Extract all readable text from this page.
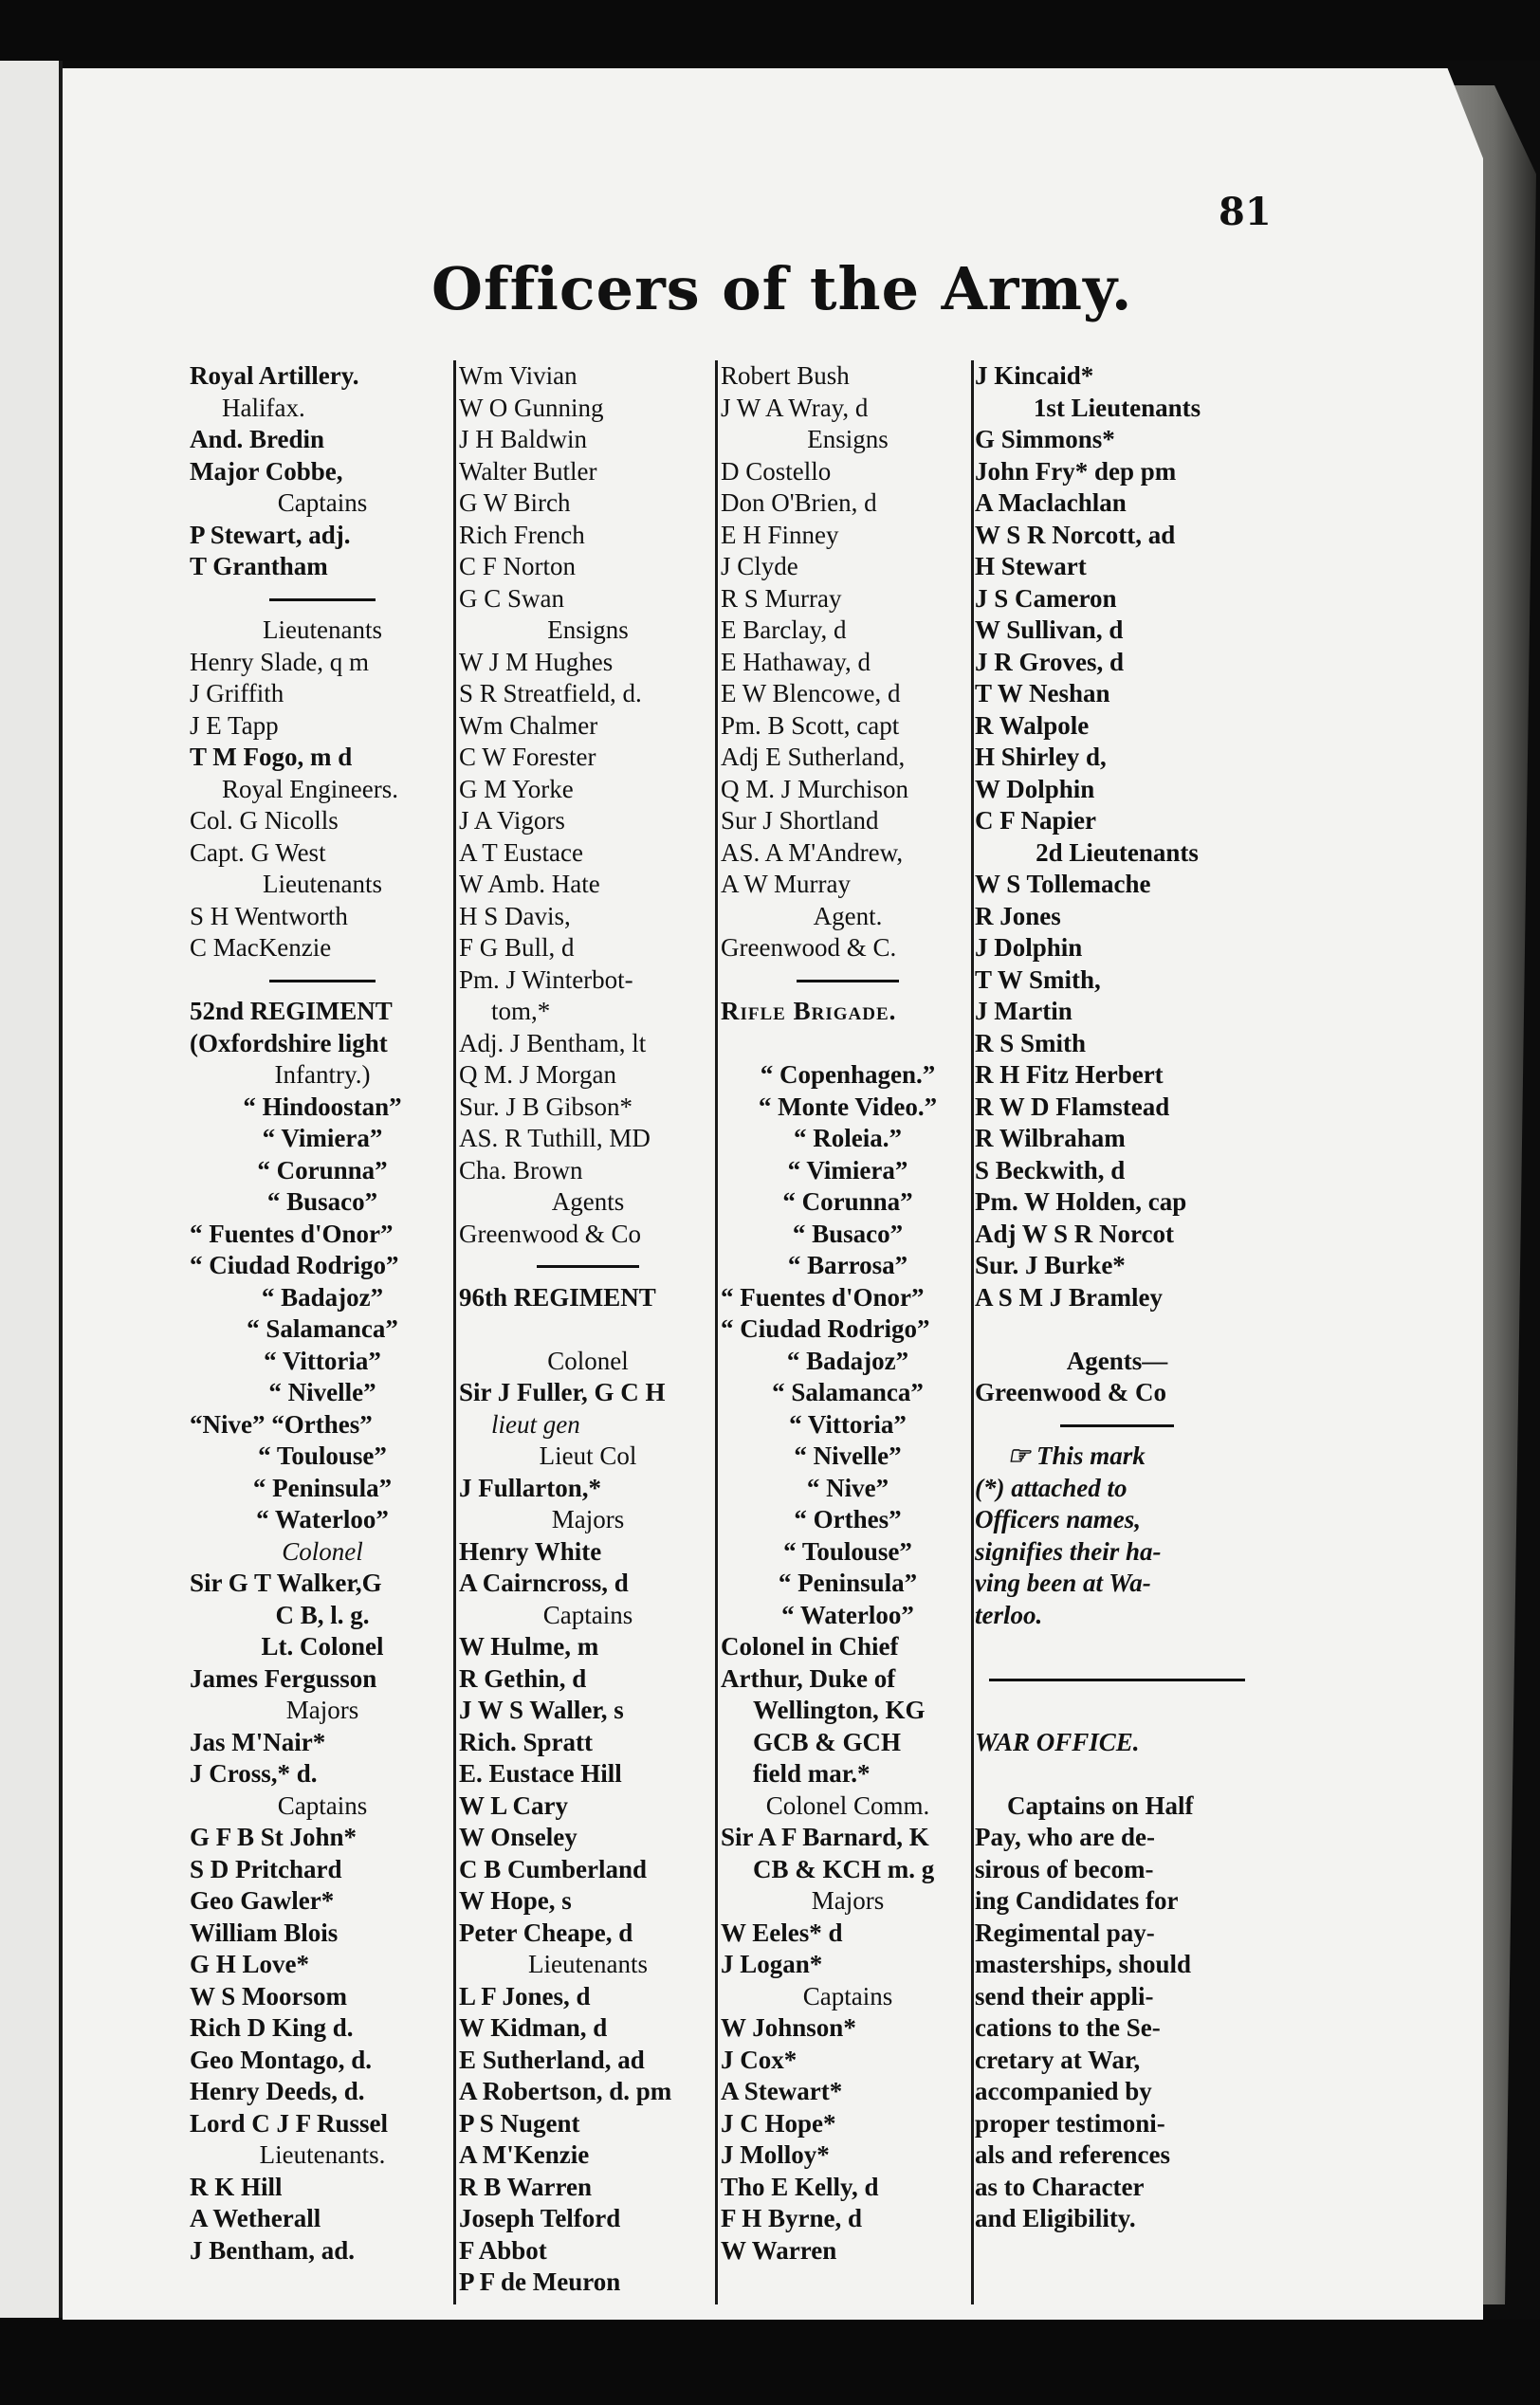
81
Officers of the Army.
Royal Artillery.
Halifax.
And. Bredin
Major Cobbe,
Captains
P Stewart, adj.
T Grantham
Lieutenants
Henry Slade, q m
J Griffith
J E Tapp
T M Fogo, m d
Royal Engineers.
Col. G Nicolls
Capt. G West
Lieutenants
S H Wentworth
C MacKenzie
52nd REGIMENT
(Oxfordshire light
Infantry.)
“ Hindoostan”
“ Vimiera”
“ Corunna”
“ Busaco”
“ Fuentes d'Onor”
“ Ciudad Rodrigo”
“ Badajoz”
“ Salamanca”
“ Vittoria”
“ Nivelle”
“Nive” “Orthes”
“ Toulouse”
“ Peninsula”
“ Waterloo”
Colonel
Sir G T Walker,G
C B, l. g.
Lt. Colonel
James Fergusson
Majors
Jas M'Nair*
J Cross,* d.
Captains
G F B St John*
S D Pritchard
Geo Gawler*
William Blois
G H Love*
W S Moorsom
Rich D King d.
Geo Montago, d.
Henry Deeds, d.
Lord C J F Russel
Lieutenants.
R K Hill
A Wetherall
J Bentham, ad.
Wm Vivian
W O Gunning
J H Baldwin
Walter Butler
G W Birch
Rich French
C F Norton
G C Swan
Ensigns
W J M Hughes
S R Streatfield, d.
Wm Chalmer
C W Forester
G M Yorke
J A Vigors
A T Eustace
W Amb. Hate
H S Davis,
F G Bull, d
Pm. J Winterbot-
tom,*
Adj. J Bentham, lt
Q M. J Morgan
Sur. J B Gibson*
AS. R Tuthill, MD
Cha. Brown
Agents
Greenwood & Co
96th REGIMENT
Colonel
Sir J Fuller, G C H
lieut gen
Lieut Col
J Fullarton,*
Majors
Henry White
A Cairncross, d
Captains
W Hulme, m
R Gethin, d
J W S Waller, s
Rich. Spratt
E. Eustace Hill
W L Cary
W Onseley
C B Cumberland
W Hope, s
Peter Cheape, d
Lieutenants
L F Jones, d
W Kidman, d
E Sutherland, ad
A Robertson, d. pm
P S Nugent
A M'Kenzie
R B Warren
Joseph Telford
F Abbot
P F de Meuron
Robert Bush
J W A Wray, d
Ensigns
D Costello
Don O'Brien, d
E H Finney
J Clyde
R S Murray
E Barclay, d
E Hathaway, d
E W Blencowe, d
Pm. B Scott, capt
Adj E Sutherland,
Q M. J Murchison
Sur J Shortland
AS. A M'Andrew,
A W Murray
Agent.
Greenwood & C.
Rifle Brigade.
“ Copenhagen.”
“ Monte Video.”
“ Roleia.”
“ Vimiera”
“ Corunna”
“ Busaco”
“ Barrosa”
“ Fuentes d'Onor”
“ Ciudad Rodrigo”
“ Badajoz”
“ Salamanca”
“ Vittoria”
“ Nivelle”
“ Nive”
“ Orthes”
“ Toulouse”
“ Peninsula”
“ Waterloo”
Colonel in Chief
Arthur, Duke of
Wellington, KG
GCB & GCH
field mar.*
Colonel Comm.
Sir A F Barnard, K
CB & KCH m. g
Majors
W Eeles* d
J Logan*
Captains
W Johnson*
J Cox*
A Stewart*
J C Hope*
J Molloy*
Tho E Kelly, d
F H Byrne, d
W Warren
J Kincaid*
1st Lieutenants
G Simmons*
John Fry* dep pm
A Maclachlan
W S R Norcott, ad
H Stewart
J S Cameron
W Sullivan, d
J R Groves, d
T W Neshan
R Walpole
H Shirley d,
W Dolphin
C F Napier
2d Lieutenants
W S Tollemache
R Jones
J Dolphin
T W Smith,
J Martin
R S Smith
R H Fitz Herbert
R W D Flamstead
R Wilbraham
S Beckwith, d
Pm. W Holden, cap
Adj W S R Norcot
Sur. J Burke*
A S M J Bramley
Agents—
Greenwood & Co
☞ This mark
(*) attached to
Officers names,
signifies their ha-
ving been at Wa-
terloo.
WAR OFFICE.
Captains on Half
Pay, who are de-
sirous of becom-
ing Candidates for
Regimental pay-
masterships, should
send their appli-
cations to the Se-
cretary at War,
accompanied by
proper testimoni-
als and references
as to Character
and Eligibility.
